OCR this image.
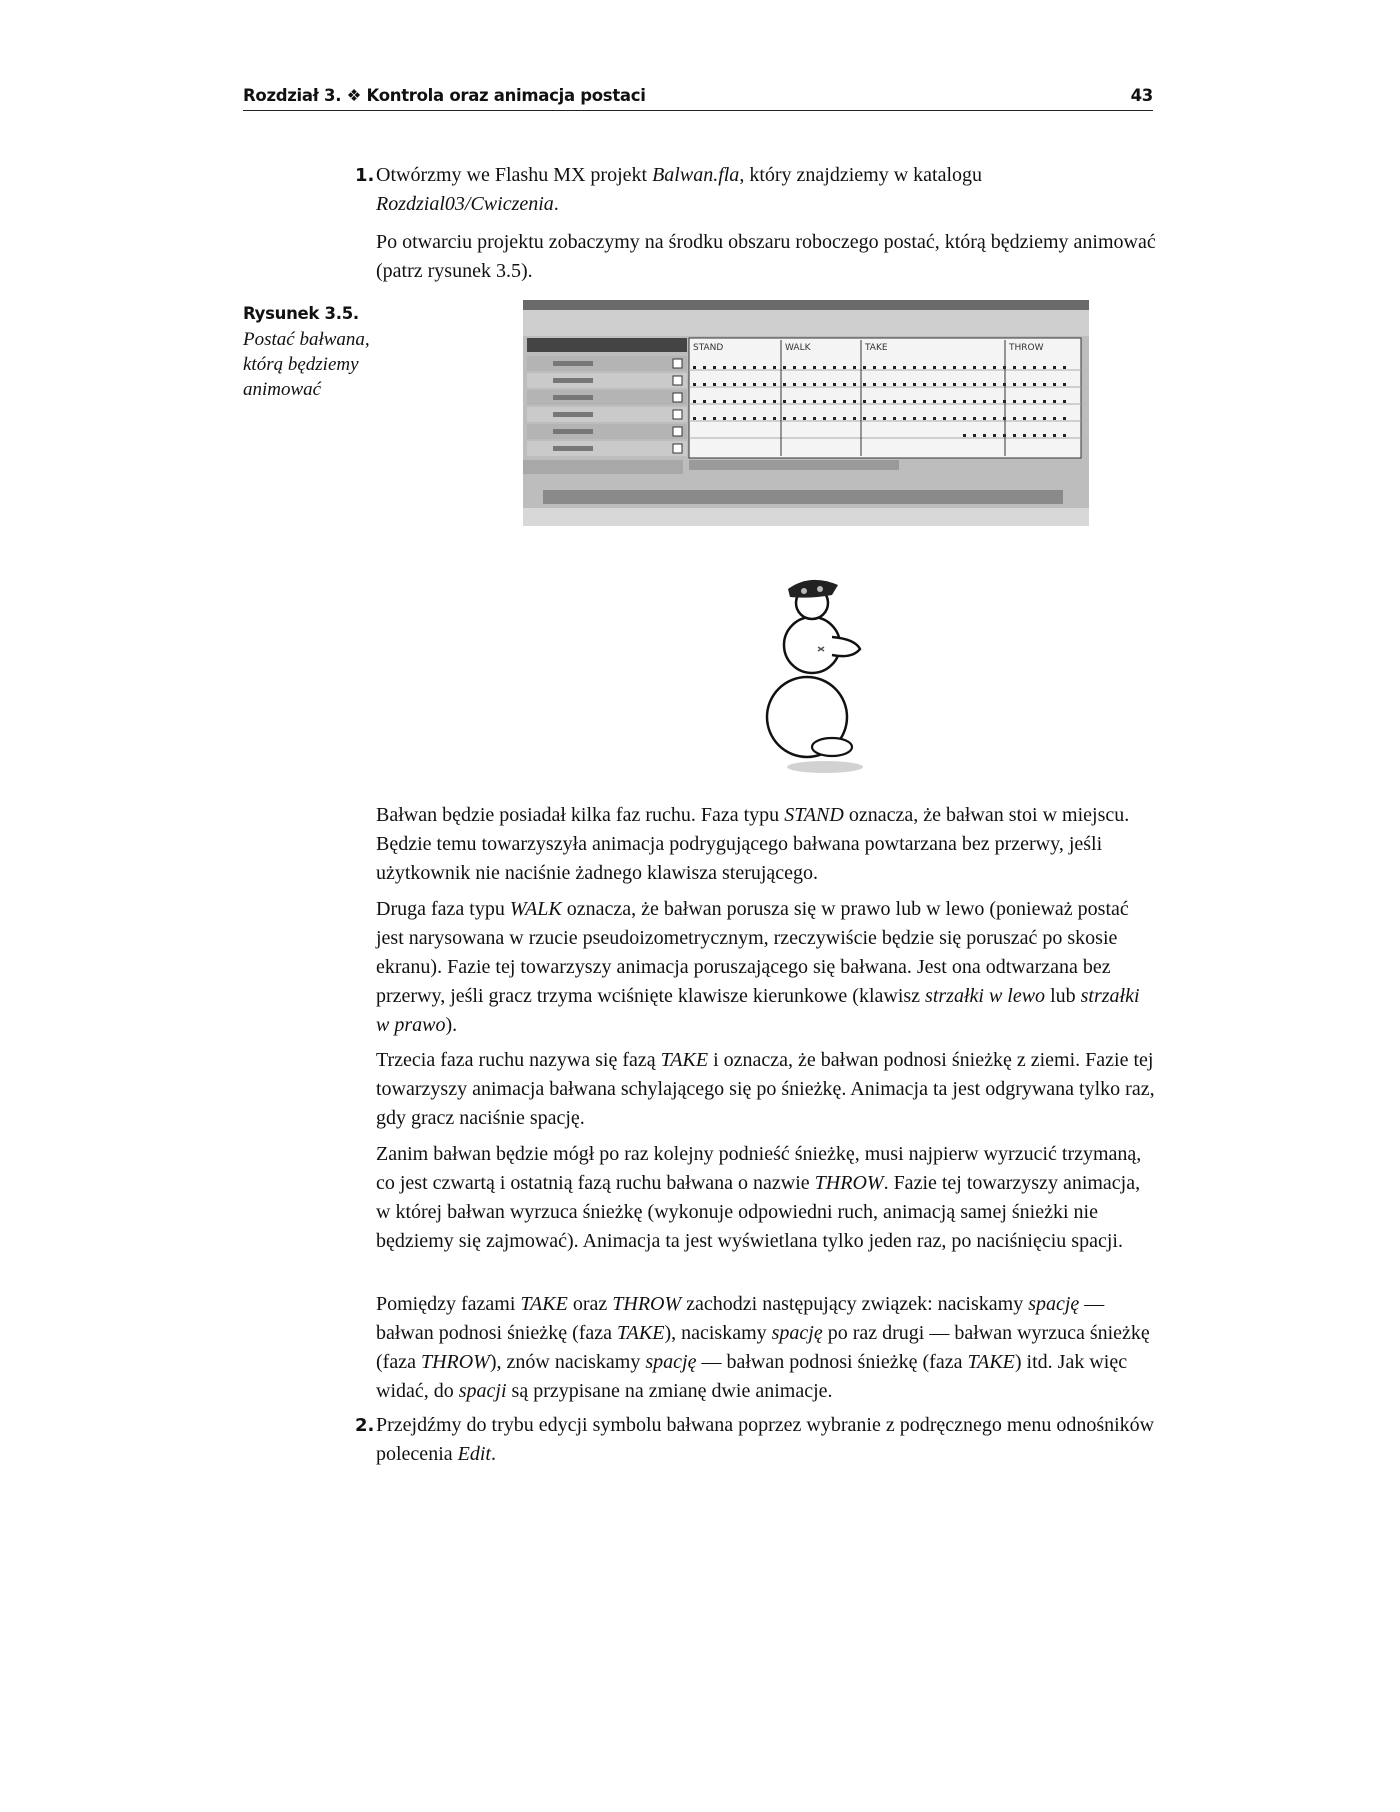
Rozdział 3. ❖ Kontrola oraz animacja postaci	43
1. Otwórzmy we Flashu MX projekt Balwan.fla, który znajdziemy w katalogu Rozdzial03/Cwiczenia.

Po otwarciu projektu zobaczymy na środku obszaru roboczego postać, którą będziemy animować (patrz rysunek 3.5).

Rysunek 3.5.
Postać bałwana, którą będziemy animować
STAND	WALK	TAKE	THROW

Bałwan będzie posiadał kilka faz ruchu. Faza typu STAND oznacza, że bałwan stoi w miejscu. Będzie temu towarzyszyła animacja podrygującego bałwana powtarzana bez przerwy, jeśli użytkownik nie naciśnie żadnego klawisza sterującego.

Druga faza typu WALK oznacza, że bałwan porusza się w prawo lub w lewo (ponieważ postać jest narysowana w rzucie pseudoizometrycznym, rzeczywiście będzie się poruszać po skosie ekranu). Fazie tej towarzyszy animacja poruszającego się bałwana. Jest ona odtwarzana bez przerwy, jeśli gracz trzyma wciśnięte klawisze kierunkowe (klawisz strzałki w lewo lub strzałki w prawo).

Trzecia faza ruchu nazywa się fazą TAKE i oznacza, że bałwan podnosi śnieżkę z ziemi. Fazie tej towarzyszy animacja bałwana schylającego się po śnieżkę. Animacja ta jest odgrywana tylko raz, gdy gracz naciśnie spację.

Zanim bałwan będzie mógł po raz kolejny podnieść śnieżkę, musi najpierw wyrzucić trzymaną, co jest czwartą i ostatnią fazą ruchu bałwana o nazwie THROW. Fazie tej towarzyszy animacja, w której bałwan wyrzuca śnieżkę (wykonuje odpowiedni ruch, animacją samej śnieżki nie będziemy się zajmować). Animacja ta jest wyświetlana tylko jeden raz, po naciśnięciu spacji.

Pomiędzy fazami TAKE oraz THROW zachodzi następujący związek: naciskamy spację — bałwan podnosi śnieżkę (faza TAKE), naciskamy spację po raz drugi — bałwan wyrzuca śnieżkę (faza THROW), znów naciskamy spację — bałwan podnosi śnieżkę (faza TAKE) itd. Jak więc widać, do spacji są przypisane na zmianę dwie animacje.

2. Przejdźmy do trybu edycji symbolu bałwana poprzez wybranie z podręcznego menu odnośników polecenia Edit.
